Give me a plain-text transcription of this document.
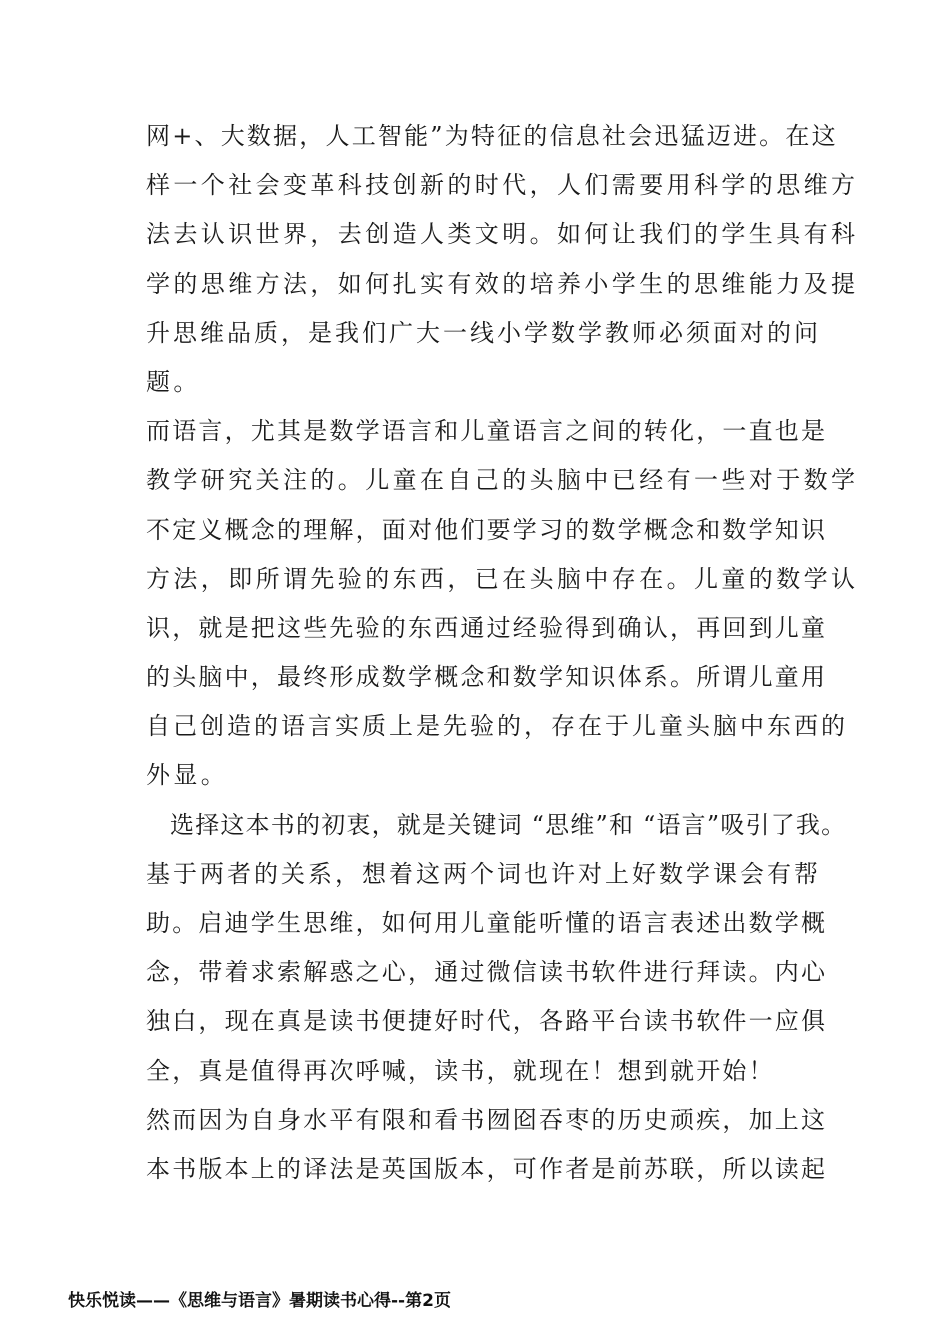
网+、大数据，人工智能”为特征的信息社会迅猛迈进。在这
样一个社会变革科技创新的时代，人们需要用科学的思维方
法去认识世界，去创造人类文明。如何让我们的学生具有科
学的思维方法，如何扎实有效的培养小学生的思维能力及提
升思维品质，是我们广大一线小学数学教师必须面对的问
题。
而语言，尤其是数学语言和儿童语言之间的转化，一直也是
教学研究关注的。儿童在自己的头脑中已经有一些对于数学
不定义概念的理解，面对他们要学习的数学概念和数学知识
方法，即所谓先验的东西，已在头脑中存在。儿童的数学认
识，就是把这些先验的东西通过经验得到确认，再回到儿童
的头脑中，最终形成数学概念和数学知识体系。所谓儿童用
自己创造的语言实质上是先验的，存在于儿童头脑中东西的
外显。
选择这本书的初衷，就是关键词 “思维”和 “语言”吸引了我。
基于两者的关系，想着这两个词也许对上好数学课会有帮
助。启迪学生思维，如何用儿童能听懂的语言表述出数学概
念，带着求索解惑之心，通过微信读书软件进行拜读。内心
独白，现在真是读书便捷好时代，各路平台读书软件一应俱
全，真是值得再次呼喊，读书，就现在！想到就开始！
然而因为自身水平有限和看书囫囵吞枣的历史顽疾，加上这
本书版本上的译法是英国版本，可作者是前苏联，所以读起
快乐悦读——《思维与语言》暑期读书心得--第2页
